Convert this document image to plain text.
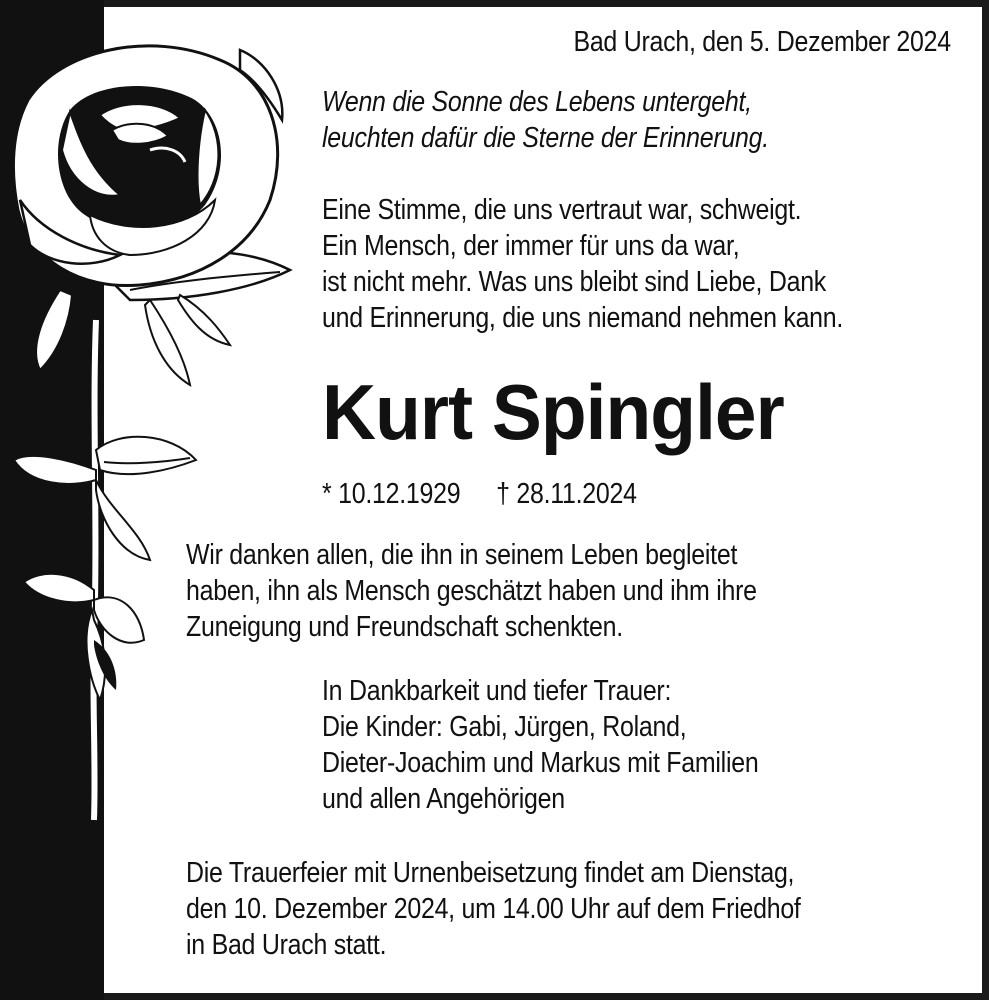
Bad Urach, den 5. Dezember 2024
Wenn die Sonne des Lebens untergeht,
leuchten dafür die Sterne der Erinnerung.
Eine Stimme, die uns vertraut war, schweigt.
Ein Mensch, der immer für uns da war,
ist nicht mehr. Was uns bleibt sind Liebe, Dank
und Erinnerung, die uns niemand nehmen kann.
Kurt Spingler
* 10.12.1929 † 28.11.2024
Wir danken allen, die ihn in seinem Leben begleitet
haben, ihn als Mensch geschätzt haben und ihm ihre
Zuneigung und Freundschaft schenkten.
In Dankbarkeit und tiefer Trauer:
Die Kinder: Gabi, Jürgen, Roland,
Dieter-Joachim und Markus mit Familien
und allen Angehörigen
Die Trauerfeier mit Urnenbeisetzung findet am Dienstag,
den 10. Dezember 2024, um 14.00 Uhr auf dem Friedhof
in Bad Urach statt.
